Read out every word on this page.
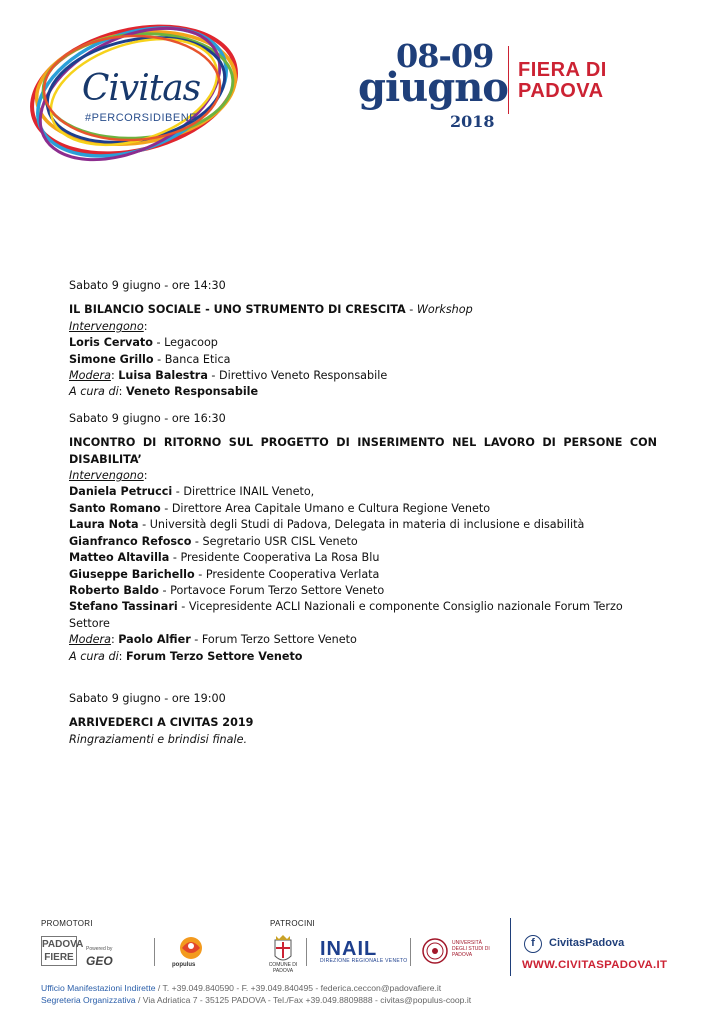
Civitas
#PERCORSIDIBENE
08-09
giugno
2018
FIERA DI
PADOVA
Sabato 9 giugno - ore 14:30
IL BILANCIO SOCIALE - UNO STRUMENTO DI CRESCITA - Workshop
Intervengono:
Loris Cervato - Legacoop
Simone Grillo - Banca Etica
Modera: Luisa Balestra - Direttivo Veneto Responsabile
A cura di: Veneto Responsabile
Sabato 9 giugno - ore 16:30
INCONTRO DI RITORNO SUL PROGETTO DI INSERIMENTO NEL LAVORO DI PERSONE CON
DISABILITA’
Intervengono:
Daniela Petrucci - Direttrice INAIL Veneto,
Santo Romano - Direttore Area Capitale Umano e Cultura Regione Veneto
Laura Nota - Università degli Studi di Padova, Delegata in materia di inclusione e disabilità
Gianfranco Refosco - Segretario USR CISL Veneto
Matteo Altavilla - Presidente Cooperativa La Rosa Blu
Giuseppe Barichello - Presidente Cooperativa Verlata
Roberto Baldo - Portavoce Forum Terzo Settore Veneto
Stefano Tassinari - Vicepresidente ACLI Nazionali e componente Consiglio nazionale Forum Terzo Settore
Modera: Paolo Alfier - Forum Terzo Settore Veneto
A cura di: Forum Terzo Settore Veneto
Sabato 9 giugno - ore 19:00
ARRIVEDERCI A CIVITAS 2019
Ringraziamenti e brindisi finale.
PROMOTORI	PATROCINI
PADOVA
FIERE
Powered by
GEO	populus	COMUNE DI PADOVA
INAIL
DIREZIONE REGIONALE VENETO
UNIVERSITÀ DEGLI STUDI DI PADOVA
f	CivitasPadova
WWW.CIVITASPADOVA.IT
Ufficio Manifestazioni Indirette / T. +39.049.840590 - F. +39.049.840495 - federica.ceccon@padovafiere.it
Segreteria Organizzativa / Via Adriatica 7 - 35125 PADOVA - Tel./Fax +39.049.8809888 - civitas@populus-coop.it
